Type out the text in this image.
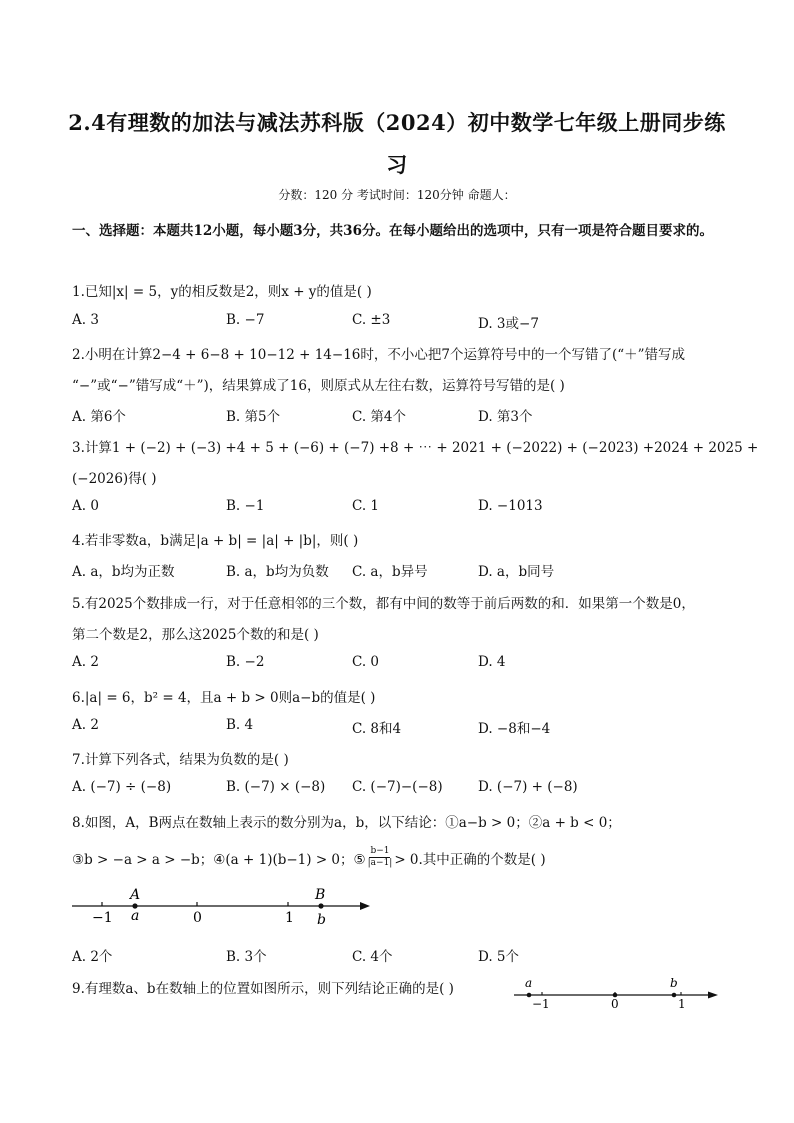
2.4有理数的加法与减法苏科版（2024）初中数学七年级上册同步练习
分数：120 分 考试时间：120分钟 命题人：
一、选择题：本题共12小题，每小题3分，共36分。在每小题给出的选项中，只有一项是符合题目要求的。
1.已知|x| = 5，y的相反数是2，则x + y的值是( )
A. 3	B. −7	C. ±3	D. 3或−7
2.小明在计算2−4 + 6−8 + 10−12 + 14−16时，不小心把7个运算符号中的一个写错了(“＋”错写成
“−”或“−”错写成“＋”)，结果算成了16，则原式从左往右数，运算符号写错的是( )
A. 第6个	B. 第5个	C. 第4个	D. 第3个
3.计算1 + (−2) + (−3) +4 + 5 + (−6) + (−7) +8 + ⋯ + 2021 + (−2022) + (−2023) +2024 + 2025 +
(−2026)得( )
A. 0	B. −1	C. 1	D. −1013
4.若非零数a，b满足|a + b| = |a| + |b|，则( )
A. a，b均为正数	B. a，b均为负数 C. a，b异号	D. a，b同号
5.有2025个数排成一行，对于任意相邻的三个数，都有中间的数等于前后两数的和．如果第一个数是0，
第二个数是2，那么这2025个数的和是( )
A. 2	B. −2	C. 0	D. 4
6.|a| = 6，b² = 4，且a + b > 0则a−b的值是( )
A. 2	B. 4	C. 8和4	D. −8和−4
7.计算下列各式，结果为负数的是( )
A. (−7) ÷ (−8)	B. (−7) × (−8) C. (−7)−(−8)	D. (−7) + (−8)
8.如图，A，B两点在数轴上表示的数分别为a，b，以下结论：①a−b > 0；②a + b < 0；
③b > −a > a > −b；④(a + 1)(b−1) > 0；⑤ $\frac{b-1}{|a-1|} > 0$.其中正确的个数是( )
A	B
−1 a	0	1 b
A. 2个	B. 3个	C. 4个	D. 5个
9.有理数a、b在数轴上的位置如图所示，则下列结论正确的是( )	a	b
−1	0	1
